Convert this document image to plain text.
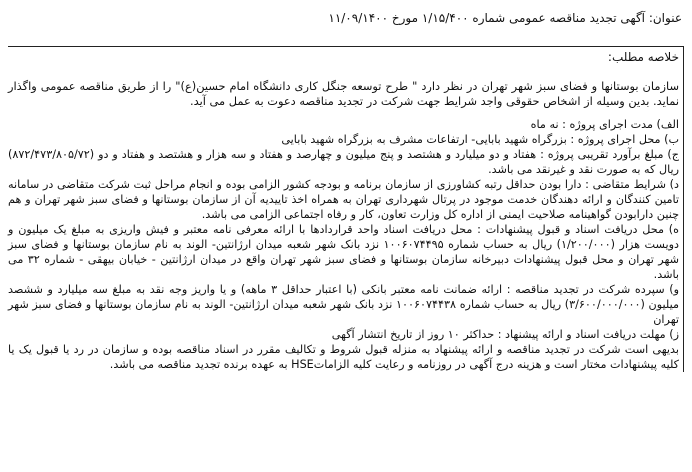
عنوان: آگهی تجدید مناقصه عمومی شماره ۱/۱۵/۴۰۰ مورخ ۱۱/۰۹/۱۴۰۰
خلاصه مطلب:

سازمان بوستانها و فضای سبز شهر تهران در نظر دارد " طرح توسعه جنگل کاری دانشگاه امام حسین(ع)" را از طریق مناقصه عمومی واگذار نماید. بدین وسیله از اشخاص حقوقی واجد شرایط جهت شرکت در تجدید مناقصه دعوت به عمل می آید.

الف) مدت اجرای پروژه : نه ماه

ب) محل اجرای پروژه : بزرگراه شهید بابایی- ارتفاعات مشرف به بزرگراه شهید بابایی

ج) مبلغ برآورد تقریبی پروژه : هفتاد و دو میلیارد و هشتصد و پنج میلیون و چهارصد و هفتاد و سه هزار و هشتصد و هفتاد و دو (۸۷۲/۴۷۳/۸۰۵/۷۲) ریال که به صورت نقد و غیرنقد می باشد.

د) شرایط متقاضی : دارا بودن حداقل رتبه کشاورزی از سازمان برنامه و بودجه کشور الزامی بوده و انجام مراحل ثبت شرکت متقاضی در سامانه تامین کنندگان و ارائه دهندگان خدمت موجود در پرتال شهرداری تهران به همراه اخذ تاییدیه آن از سازمان بوستانها و فضای سبز شهر تهران و هم چنین دارابودن گواهینامه صلاحیت ایمنی از اداره کل وزارت تعاون، کار و رفاه اجتماعی الزامی می باشد.

ه) محل دریافت اسناد و قبول پیشنهادات : محل دریافت اسناد واحد قراردادها با ارائه معرفی نامه معتبر و فیش واریزی به مبلغ یک میلیون و دویست هزار (۱/۲۰۰/۰۰۰) ریال به حساب شماره ۱۰۰۶۰۷۴۴۹۵ نزد بانک شهر شعبه میدان ارژانتین- الوند به نام سازمان بوستانها و فضای سبز شهر تهران و محل قبول پیشنهادات دبیرخانه سازمان بوستانها و فضای سبز شهر تهران واقع در میدان ارژانتین - خیابان بیهقی - شماره ۳۲ می باشد.

و) سپرده شرکت در تجدید مناقصه : ارائه ضمانت نامه معتبر بانکی (با اعتبار حداقل ۳ ماهه) و یا واریز وجه نقد به مبلغ سه میلیارد و ششصد میلیون (۳/۶۰۰/۰۰۰/۰۰۰) ریال به حساب شماره ۱۰۰۶۰۷۴۴۳۸ نزد بانک شهر شعبه میدان ارژانتین- الوند به نام سازمان بوستانها و فضای سبز شهر تهران

ز) مهلت دریافت اسناد و ارائه پیشنهاد : حداکثر ۱۰ روز از تاریخ انتشار آگهی

بدیهی است شرکت در تجدید مناقصه و ارائه پیشنهاد به منزله قبول شروط و تکالیف مقرر در اسناد مناقصه بوده و سازمان در رد یا قبول یک یا کلیه پیشنهادات مختار است و هزینه درج آگهی در روزنامه و رعایت کلیه الزاماتHSE به عهده برنده تجدید مناقصه می باشد.
